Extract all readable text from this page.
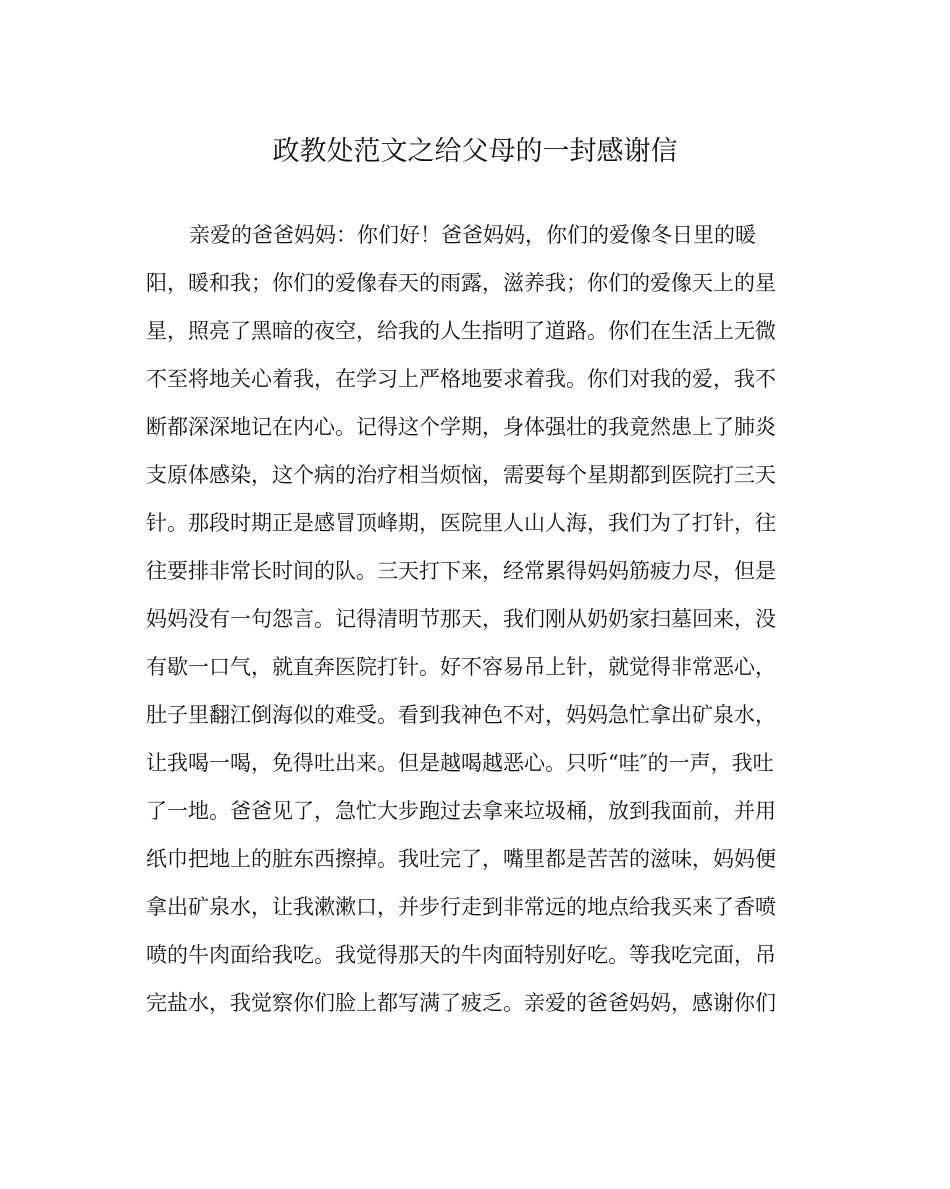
政教处范文之给父母的一封感谢信
亲爱的爸爸妈妈：你们好！爸爸妈妈，你们的爱像冬日里的暖
阳，暖和我；你们的爱像春天的雨露，滋养我；你们的爱像天上的星
星，照亮了黑暗的夜空，给我的人生指明了道路。你们在生活上无微
不至将地关心着我，在学习上严格地要求着我。你们对我的爱，我不
断都深深地记在内心。记得这个学期，身体强壮的我竟然患上了肺炎
支原体感染，这个病的治疗相当烦恼，需要每个星期都到医院打三天
针。那段时期正是感冒顶峰期，医院里人山人海，我们为了打针，往
往要排非常长时间的队。三天打下来，经常累得妈妈筋疲力尽，但是
妈妈没有一句怨言。记得清明节那天，我们刚从奶奶家扫墓回来，没
有歇一口气，就直奔医院打针。好不容易吊上针，就觉得非常恶心，
肚子里翻江倒海似的难受。看到我神色不对，妈妈急忙拿出矿泉水，
让我喝一喝，免得吐出来。但是越喝越恶心。只听“哇″的一声，我吐
了一地。爸爸见了，急忙大步跑过去拿来垃圾桶，放到我面前，并用
纸巾把地上的脏东西擦掉。我吐完了，嘴里都是苦苦的滋味，妈妈便
拿出矿泉水，让我漱漱口，并步行走到非常远的地点给我买来了香喷
喷的牛肉面给我吃。我觉得那天的牛肉面特别好吃。等我吃完面，吊
完盐水，我觉察你们脸上都写满了疲乏。亲爱的爸爸妈妈，感谢你们
